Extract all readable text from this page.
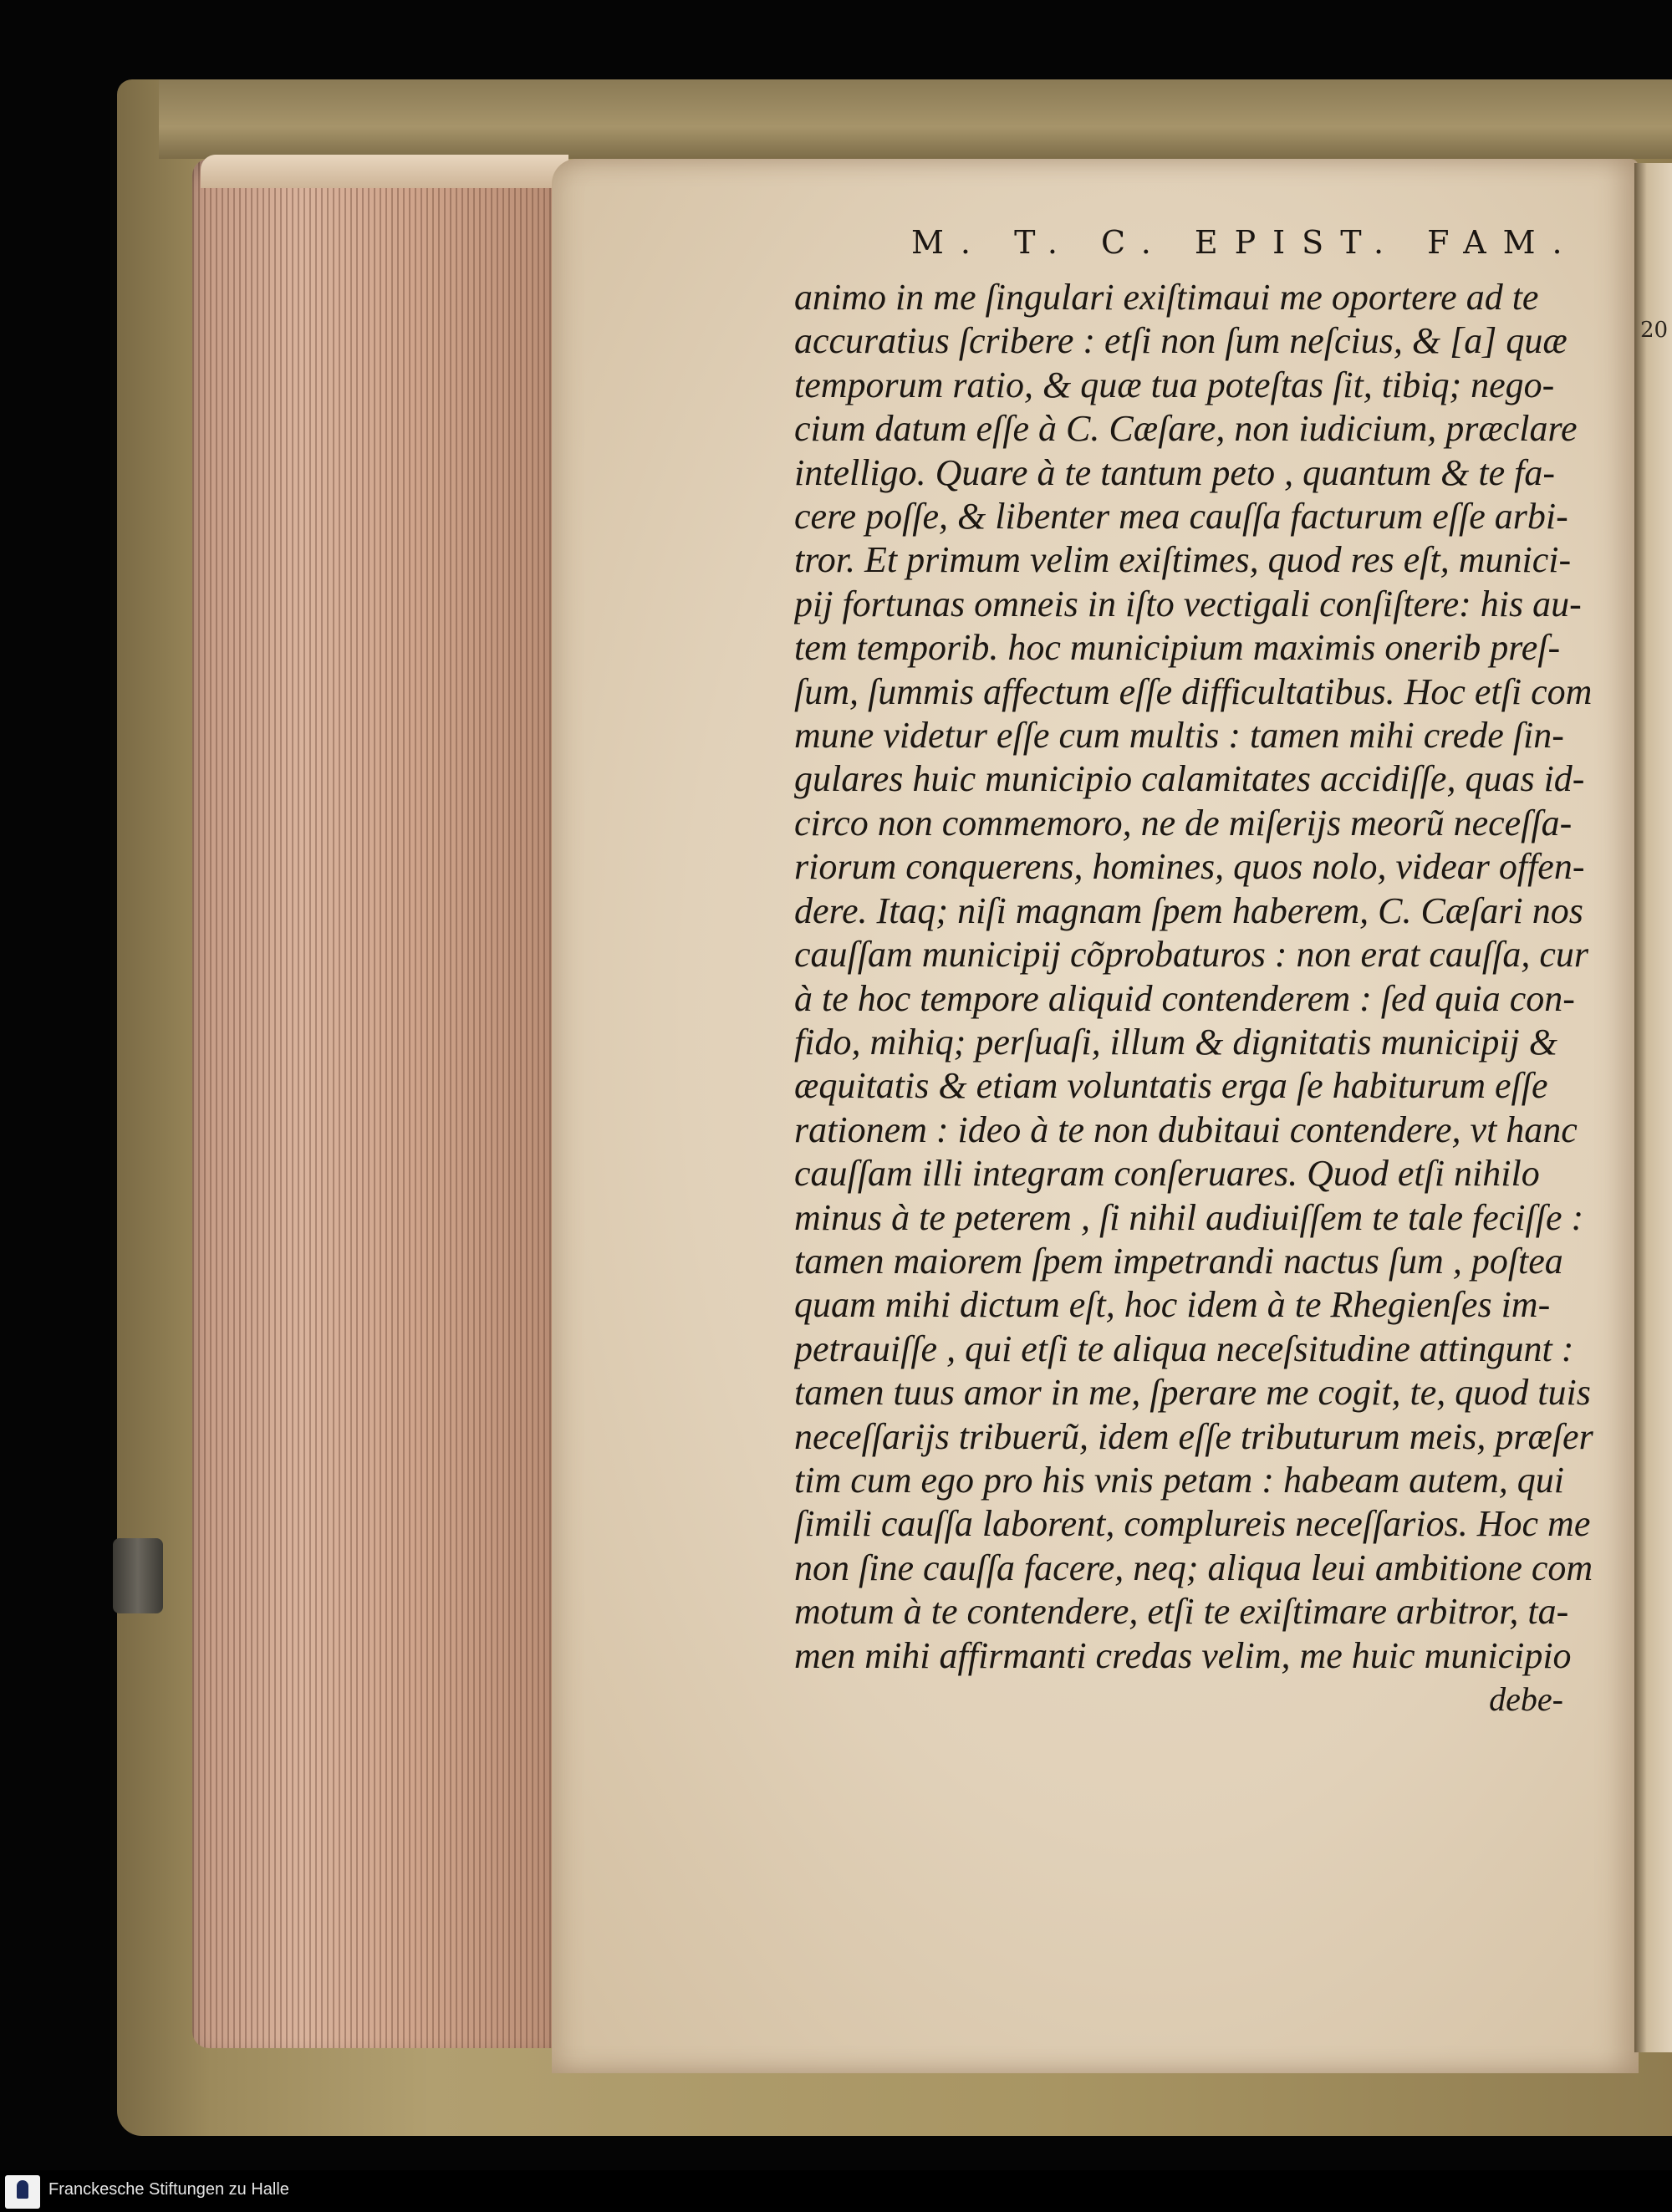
M. T. C. EPIST. FAM.
20
animo in me ſingulari exiſtimaui me oportere ad te
accuratius ſcribere : etſi non ſum neſcius, & [a] quæ
temporum ratio, & quæ tua poteſtas ſit, tibiq; nego-
cium datum eſſe à C. Cæſare, non iudicium, præclare
intelligo. Quare à te tantum peto , quantum & te fa-
cere poſſe, & libenter mea cauſſa facturum eſſe arbi-
tror. Et primum velim exiſtimes, quod res eſt, munici-
pij fortunas omneis in iſto vectigali conſiſtere: his au-
tem temporib. hoc municipium maximis onerib preſ-
ſum, ſummis affectum eſſe difficultatibus. Hoc etſi com
mune videtur eſſe cum multis : tamen mihi crede ſin-
gulares huic municipio calamitates accidiſſe, quas id-
circo non commemoro, ne de miſerijs meorũ neceſſa-
riorum conquerens, homines, quos nolo, videar offen-
dere. Itaq; niſi magnam ſpem haberem, C. Cæſari nos
cauſſam municipij cõprobaturos : non erat cauſſa, cur
à te hoc tempore aliquid contenderem : ſed quia con-
fido, mihiq; perſuaſi, illum & dignitatis municipij &
æquitatis & etiam voluntatis erga ſe habiturum eſſe
rationem : ideo à te non dubitaui contendere, vt hanc
cauſſam illi integram conſeruares. Quod etſi nihilo
minus à te peterem , ſi nihil audiuiſſem te tale feciſſe :
tamen maiorem ſpem impetrandi nactus ſum , poſtea
quam mihi dictum eſt, hoc idem à te Rhegienſes im-
petrauiſſe , qui etſi te aliqua neceſsitudine attingunt :
tamen tuus amor in me, ſperare me cogit, te, quod tuis
neceſſarijs tribuerũ, idem eſſe tributurum meis, præſer
tim cum ego pro his vnis petam : habeam autem, qui
ſimili cauſſa laborent, complureis neceſſarios. Hoc me
non ſine cauſſa facere, neq; aliqua leui ambitione com
motum à te contendere, etſi te exiſtimare arbitror, ta-
men mihi affirmanti credas velim, me huic municipio
debe-
Franckesche Stiftungen zu Halle
